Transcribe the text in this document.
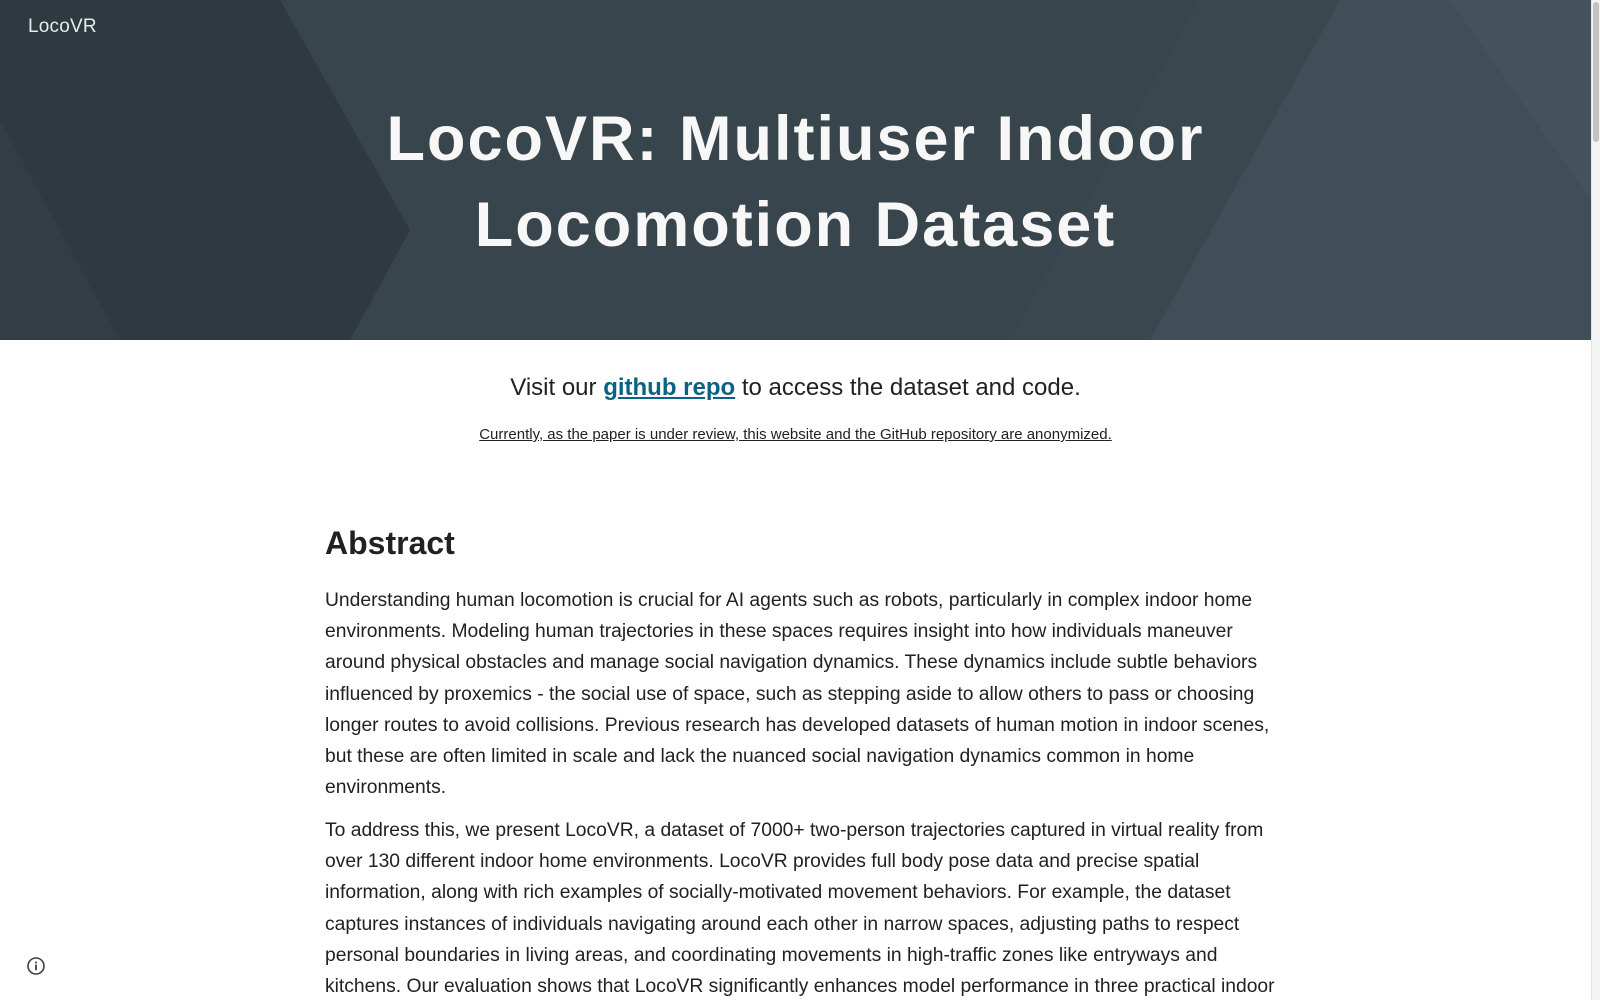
LocoVR
LocoVR: Multiuser Indoor Locomotion Dataset

Visit our github repo to access the dataset and code.

Currently, as the paper is under review, this website and the GitHub repository are anonymized.

Abstract

Understanding human locomotion is crucial for AI agents such as robots, particularly in complex indoor home environments. Modeling human trajectories in these spaces requires insight into how individuals maneuver around physical obstacles and manage social navigation dynamics. These dynamics include subtle behaviors influenced by proxemics - the social use of space, such as stepping aside to allow others to pass or choosing longer routes to avoid collisions. Previous research has developed datasets of human motion in indoor scenes, but these are often limited in scale and lack the nuanced social navigation dynamics common in home environments.

To address this, we present LocoVR, a dataset of 7000+ two-person trajectories captured in virtual reality from over 130 different indoor home environments. LocoVR provides full body pose data and precise spatial information, along with rich examples of socially-motivated movement behaviors. For example, the dataset captures instances of individuals navigating around each other in narrow spaces, adjusting paths to respect personal boundaries in living areas, and coordinating movements in high-traffic zones like entryways and kitchens. Our evaluation shows that LocoVR significantly enhances model performance in three practical indoor
